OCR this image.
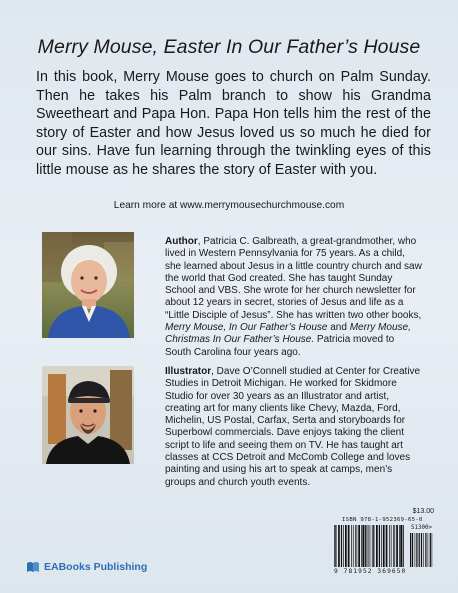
Merry Mouse, Easter In Our Father’s House

In this book, Merry Mouse goes to church on Palm Sunday. Then he takes his Palm branch to show his Grandma Sweetheart and Papa Hon. Papa Hon tells him the rest of the story of Easter and how Jesus loved us so much he died for our sins. Have fun learning through the twinkling eyes of this little mouse as he shares the story of Easter with you.

Learn more at www.merrymousechurchmouse.com
Author, Patricia C. Galbreath, a great-grandmother, who lived in Western Pennsylvania for 75 years. As a child, she learned about Jesus in a little country church and saw the world that God created. She has taught Sunday School and VBS. She wrote for her church newsletter for about 12 years in secret, stories of Jesus and life as a “Little Disciple of Jesus”. She has written two other books, Merry Mouse, In Our Father’s House and Merry Mouse, Christmas In Our Father’s House. Patricia moved to South Carolina four years ago.
Illustrator, Dave O’Connell studied at Center for Creative Studies in Detroit Michigan. He worked for Skidmore Studio for over 30 years as an Illustrator and artist, creating art for many clients like Chevy, Mazda, Ford, Michelin, US Postal, Carfax, Serta and storyboards for Superbowl commercials. Dave enjoys taking the client script to life and seeing them on TV. He has taught art classes at CCS Detroit and McComb College and loves painting and using his art to speak at camps, men’s groups and church youth events.
$13.00
ISBN 978-1-952369-65-0
51300>
9 781952 369650
EABooks Publishing
